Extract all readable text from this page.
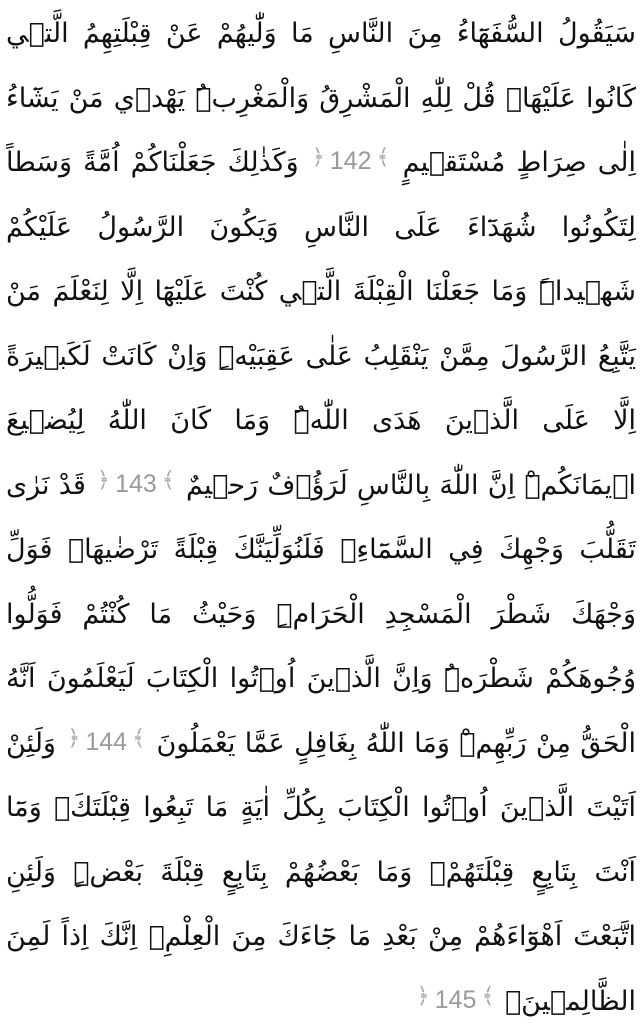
سَيَقُولُ السُّفَهَٓاءُ مِنَ النَّاسِ مَا وَلّٰيهُمْ عَنْ قِبْلَتِهِمُ الَّت۪ي كَانُوا عَلَيْهَاۜ قُلْ لِلّٰهِ الْمَشْرِقُ وَالْمَغْرِبُۜ يَهْد۪ي مَنْ يَشَٓاءُ اِلٰى صِرَاطٍ مُسْتَق۪يمٍ ﴿ 142 ﴾ وَكَذٰلِكَ جَعَلْنَاكُمْ اُمَّةً وَسَطاً لِتَكُونُوا شُهَدَٓاءَ عَلَى النَّاسِ وَيَكُونَ الرَّسُولُ عَلَيْكُمْ شَه۪يداًۜ وَمَا جَعَلْنَا الْقِبْلَةَ الَّت۪ي كُنْتَ عَلَيْهَٓا اِلَّا لِنَعْلَمَ مَنْ يَتَّبِعُ الرَّسُولَ مِمَّنْ يَنْقَلِبُ عَلٰى عَقِبَيْهِۜ وَاِنْ كَانَتْ لَكَب۪يرَةً اِلَّا عَلَى الَّذ۪ينَ هَدَى اللّٰهُۜ وَمَا كَانَ اللّٰهُ لِيُض۪يعَ ا۪يمَانَكُمْۜ اِنَّ اللّٰهَ بِالنَّاسِ لَرَؤُ۫فٌ رَح۪يمٌ ﴿ 143 ﴾ قَدْ نَرٰى تَقَلُّبَ وَجْهِكَ فِي السَّمَٓاءِۚ فَلَنُوَلِّيَنَّكَ قِبْلَةً تَرْضٰيهَاۖ فَوَلِّ وَجْهَكَ شَطْرَ الْمَسْجِدِ الْحَرَامِۜ وَحَيْثُ مَا كُنْتُمْ فَوَلُّوا وُجُوهَكُمْ شَطْرَهُۜ وَاِنَّ الَّذ۪ينَ اُو۫تُوا الْكِتَابَ لَيَعْلَمُونَ اَنَّهُ الْحَقُّ مِنْ رَبِّهِمْۜ وَمَا اللّٰهُ بِغَافِلٍ عَمَّا يَعْمَلُونَ ﴿ 144 ﴾ وَلَئِنْ اَتَيْتَ الَّذ۪ينَ اُو۫تُوا الْكِتَابَ بِكُلِّ اٰيَةٍ مَا تَبِعُوا قِبْلَتَكَۚ وَمَٓا اَنْتَ بِتَابِعٍ قِبْلَتَهُمْۚ وَمَا بَعْضُهُمْ بِتَابِعٍ قِبْلَةَ بَعْضٍۜ وَلَئِنِ اتَّبَعْتَ اَهْوَٓاءَهُمْ مِنْ بَعْدِ مَا جَٓاءَكَ مِنَ الْعِلْمِۙ اِنَّكَ اِذاً لَمِنَ الظَّالِم۪ينَۢ ﴿ 145 ﴾
